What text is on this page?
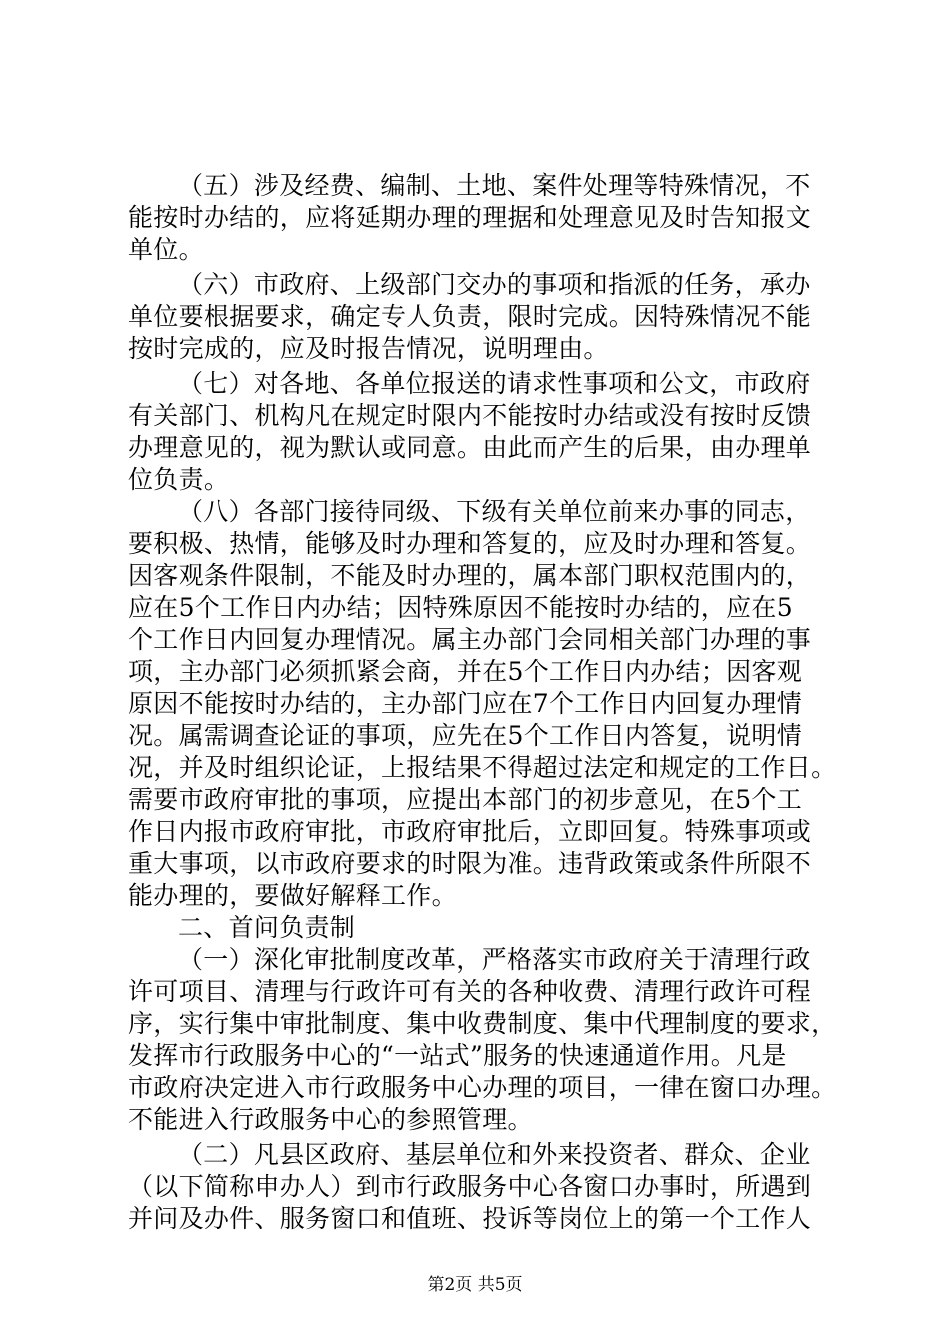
（五）涉及经费、编制、土地、案件处理等特殊情况，不
能按时办结的，应将延期办理的理据和处理意见及时告知报文
单位。
（六）市政府、上级部门交办的事项和指派的任务，承办
单位要根据要求，确定专人负责，限时完成。因特殊情况不能
按时完成的，应及时报告情况，说明理由。
（七）对各地、各单位报送的请求性事项和公文，市政府
有关部门、机构凡在规定时限内不能按时办结或没有按时反馈
办理意见的，视为默认或同意。由此而产生的后果，由办理单
位负责。
（八）各部门接待同级、下级有关单位前来办事的同志，
要积极、热情，能够及时办理和答复的，应及时办理和答复。
因客观条件限制，不能及时办理的，属本部门职权范围内的，
应在5个工作日内办结；因特殊原因不能按时办结的，应在5
个工作日内回复办理情况。属主办部门会同相关部门办理的事
项，主办部门必须抓紧会商，并在5个工作日内办结；因客观
原因不能按时办结的，主办部门应在7个工作日内回复办理情
况。属需调查论证的事项，应先在5个工作日内答复，说明情
况，并及时组织论证，上报结果不得超过法定和规定的工作日。
需要市政府审批的事项，应提出本部门的初步意见，在5个工
作日内报市政府审批，市政府审批后，立即回复。特殊事项或
重大事项，以市政府要求的时限为准。违背政策或条件所限不
能办理的，要做好解释工作。
二、首问负责制
（一）深化审批制度改革，严格落实市政府关于清理行政
许可项目、清理与行政许可有关的各种收费、清理行政许可程
序，实行集中审批制度、集中收费制度、集中代理制度的要求，
发挥市行政服务中心的“一站式”服务的快速通道作用。凡是
市政府决定进入市行政服务中心办理的项目，一律在窗口办理。
不能进入行政服务中心的参照管理。
（二）凡县区政府、基层单位和外来投资者、群众、企业
（以下简称申办人）到市行政服务中心各窗口办事时，所遇到
并问及办件、服务窗口和值班、投诉等岗位上的第一个工作人
第2页 共5页
